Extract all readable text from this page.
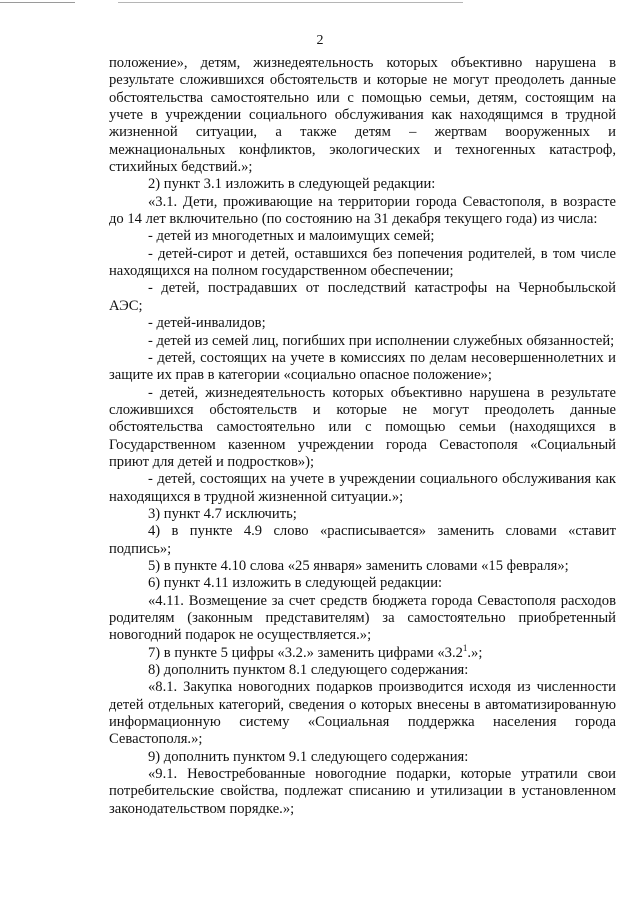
2

положение», детям, жизнедеятельность которых объективно нарушена в результате сложившихся обстоятельств и которые не могут преодолеть данные обстоятельства самостоятельно или с помощью семьи, детям, состоящим на учете в учреждении социального обслуживания как находящимся в трудной жизненной ситуации, а также детям – жертвам вооруженных и межнациональных конфликтов, экологических и техногенных катастроф, стихийных бедствий.»;

2) пункт 3.1 изложить в следующей редакции:

«3.1. Дети, проживающие на территории города Севастополя, в возрасте до 14 лет включительно (по состоянию на 31 декабря текущего года) из числа:

- детей из многодетных и малоимущих семей;

- детей-сирот и детей, оставшихся без попечения родителей, в том числе находящихся на полном государственном обеспечении;

- детей, пострадавших от последствий катастрофы на Чернобыльской АЭС;

- детей-инвалидов;

- детей из семей лиц, погибших при исполнении служебных обязанностей;

- детей, состоящих на учете в комиссиях по делам несовершеннолетних и защите их прав в категории «социально опасное положение»;

- детей, жизнедеятельность которых объективно нарушена в результате сложившихся обстоятельств и которые не могут преодолеть данные обстоятельства самостоятельно или с помощью семьи (находящихся в Государственном казенном учреждении города Севастополя «Социальный приют для детей и подростков»);

- детей, состоящих на учете в учреждении социального обслуживания как находящихся в трудной жизненной ситуации.»;

3) пункт 4.7 исключить;

4) в пункте 4.9 слово «расписывается» заменить словами «ставит подпись»;

5) в пункте 4.10 слова «25 января» заменить словами «15 февраля»;

6) пункт 4.11 изложить в следующей редакции:

«4.11. Возмещение за счет средств бюджета города Севастополя расходов родителям (законным представителям) за самостоятельно приобретенный новогодний подарок не осуществляется.»;

7) в пункте 5 цифры «3.2.» заменить цифрами «$3.2^1$.»;

8) дополнить пунктом 8.1 следующего содержания:

«8.1. Закупка новогодних подарков производится исходя из численности детей отдельных категорий, сведения о которых внесены в автоматизированную информационную систему «Социальная поддержка населения города Севастополя.»;

9) дополнить пунктом 9.1 следующего содержания:

«9.1. Невостребованные новогодние подарки, которые утратили свои потребительские свойства, подлежат списанию и утилизации в установленном законодательством порядке.»;
